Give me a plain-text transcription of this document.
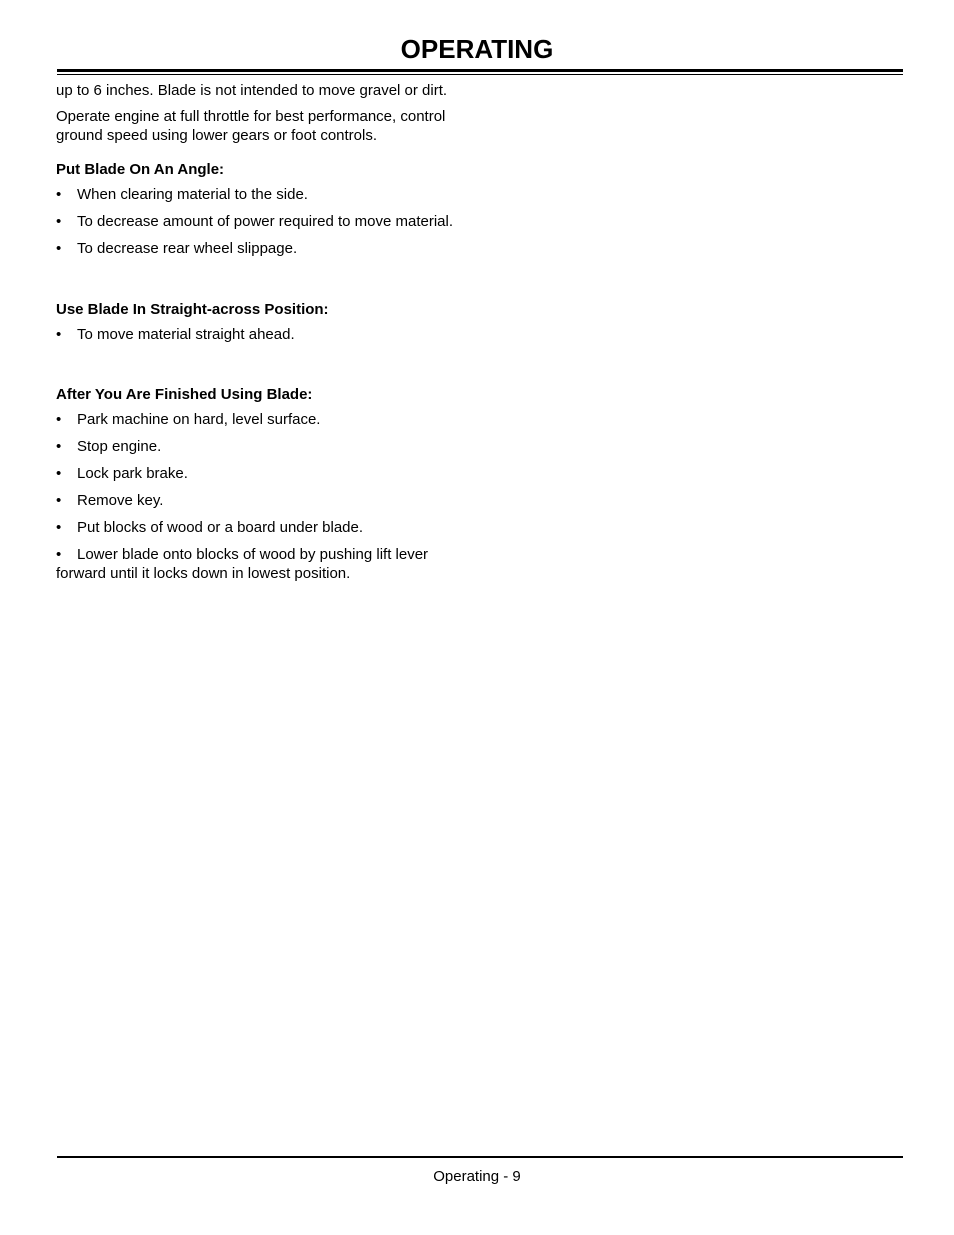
OPERATING

up to 6 inches. Blade is not intended to move gravel or dirt.

Operate engine at full throttle for best performance, control ground speed using lower gears or foot controls.

Put Blade On An Angle:
• When clearing material to the side.
• To decrease amount of power required to move material.
• To decrease rear wheel slippage.
Use Blade In Straight-across Position:
• To move material straight ahead.
After You Are Finished Using Blade:
• Park machine on hard, level surface.
• Stop engine.
• Lock park brake.
• Remove key.
• Put blocks of wood or a board under blade.
• Lower blade onto blocks of wood by pushing lift lever forward until it locks down in lowest position.
Operating - 9
